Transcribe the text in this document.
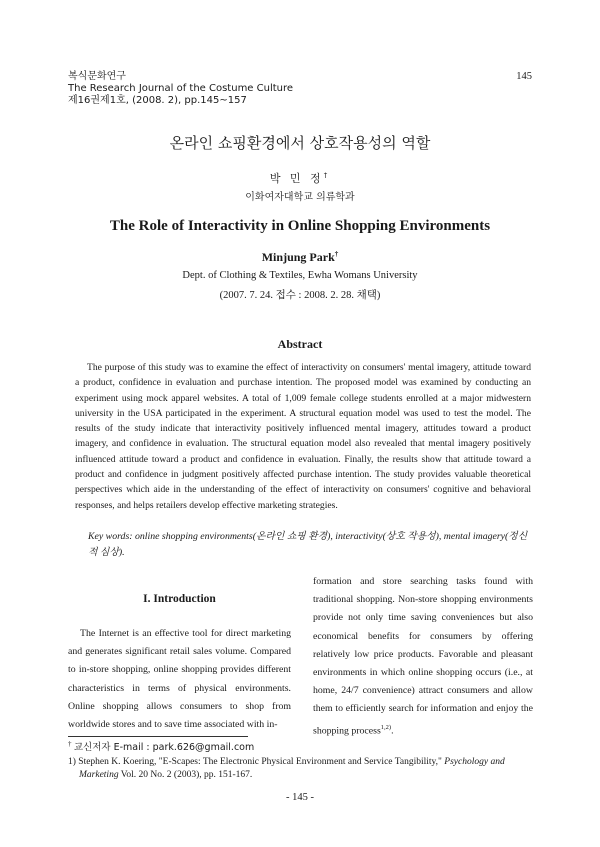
복식문화연구
The Research Journal of the Costume Culture
제16권제1호, (2008. 2), pp.145~157
145
온라인 쇼핑환경에서 상호작용성의 역할
박 민 정†
이화여자대학교 의류학과
The Role of Interactivity in Online Shopping Environments
Minjung Park†
Dept. of Clothing & Textiles, Ewha Womans University
(2007. 7. 24. 접수 : 2008. 2. 28. 채택)
Abstract
The purpose of this study was to examine the effect of interactivity on consumers' mental imagery, attitude toward a product, confidence in evaluation and purchase intention. The proposed model was examined by conducting an experiment using mock apparel websites. A total of 1,009 female college students enrolled at a major midwestern university in the USA participated in the experiment. A structural equation model was used to test the model. The results of the study indicate that interactivity positively influenced mental imagery, attitudes toward a product imagery, and confidence in evaluation. The structural equation model also revealed that mental imagery positively influenced attitude toward a product and confidence in evaluation. Finally, the results show that attitude toward a product and confidence in judgment positively affected purchase intention. The study provides valuable theoretical perspectives which aide in the understanding of the effect of interactivity on consumers' cognitive and behavioral responses, and helps retailers develop effective marketing strategies.
Key words: online shopping environments(온라인 쇼핑 환경), interactivity(상호 작용성), mental imagery(정신적 심상).
I. Introduction
The Internet is an effective tool for direct marketing and generates significant retail sales volume. Compared to in-store shopping, online shopping provides different characteristics in terms of physical environments. Online shopping allows consumers to shop from worldwide stores and to save time associated with in-
formation and store searching tasks found with traditional shopping. Non-store shopping environments provide not only time saving conveniences but also economical benefits for consumers by offering relatively low price products. Favorable and pleasant environments in which online shopping occurs (i.e., at home, 24/7 convenience) attract consumers and allow them to efficiently search for information and enjoy the shopping process$^{1,2)}$.
† 교신저자 E-mail : park.626@gmail.com
1) Stephen K. Koering, "E-Scapes: The Electronic Physical Environment and Service Tangibility," Psychology and Marketing Vol. 20 No. 2 (2003), pp. 151-167.
- 145 -
